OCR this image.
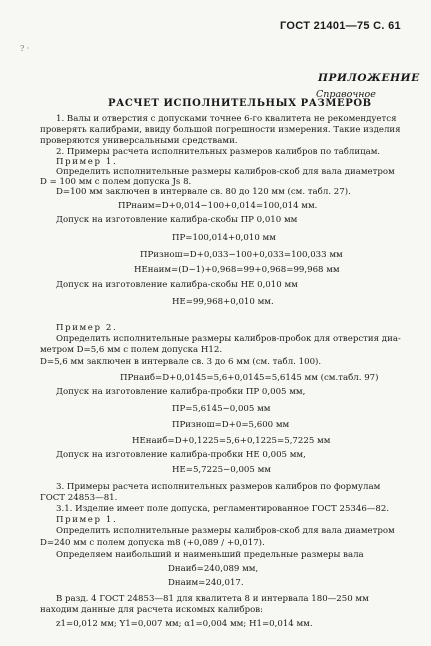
? ·
ГОСТ 21401—75 С. 61
ПРИЛОЖЕНИЕ
Справочное
РАСЧЕТ ИСПОЛНИТЕЛЬНЫХ РАЗМЕРОВ
1. Валы и отверстия с допусками точнее 6-го квалитета не рекомендуется
проверять калибрами, ввиду большой погрешности измерения. Такие изделия
проверяются универсальными средствами.
2. Примеры расчета исполнительных размеров калибров по таблицам.
Пример 1.
Определить исполнительные размеры калибров-скоб для вала диаметром
D = 100 мм с полем допуска Js 8.
D=100 мм заключен в интервале св. 80 до 120 мм (см. табл. 27).
ПРнаим=D+0,014−100+0,014=100,014 мм.
Допуск на изготовление калибра-скобы ПР 0,010 мм
ПР=100,014+0,010 мм
ПРизнош=D+0,033−100+0,033=100,033 мм
НЕнаим=(D−1)+0,968=99+0,968=99,968 мм
Допуск на изготовление калибра-скобы НЕ 0,010 мм
НЕ=99,968+0,010 мм.
Пример 2.
Определить исполнительные размеры калибров-пробок для отверстия диа-
метром D=5,6 мм с полем допуска Н12.
D=5,6 мм заключен в интервале св. 3 до 6 мм (см. табл. 100).
ПРнаиб=D+0,0145=5,6+0,0145=5,6145 мм (см.табл. 97)
Допуск на изготовление калибра-пробки ПР 0,005 мм,
ПР=5,6145−0,005 мм
ПРизнош=D+0=5,600 мм
НЕнаиб=D+0,1225=5,6+0,1225=5,7225 мм
Допуск на изготовление калибра-пробки НЕ 0,005 мм,
НЕ=5,7225−0,005 мм
3. Примеры расчета исполнительных размеров калибров по формулам
ГОСТ 24853—81.
3.1. Изделие имеет поле допуска, регламентированное ГОСТ 25346—82.
Пример 1.
Определить исполнительные размеры калибров-скоб для вала диаметром
D=240 мм с полем допуска m8 (+0,089 / +0,017).
Определяем наибольший и наименьший предельные размеры вала
Dнаиб=240,089 мм,
Dнаим=240,017.
В разд. 4 ГОСТ 24853—81 для квалитета 8 и интервала 180—250 мм
находим данные для расчета искомых калибров:
z1=0,012 мм; Y1=0,007 мм; α1=0,004 мм; H1=0,014 мм.
